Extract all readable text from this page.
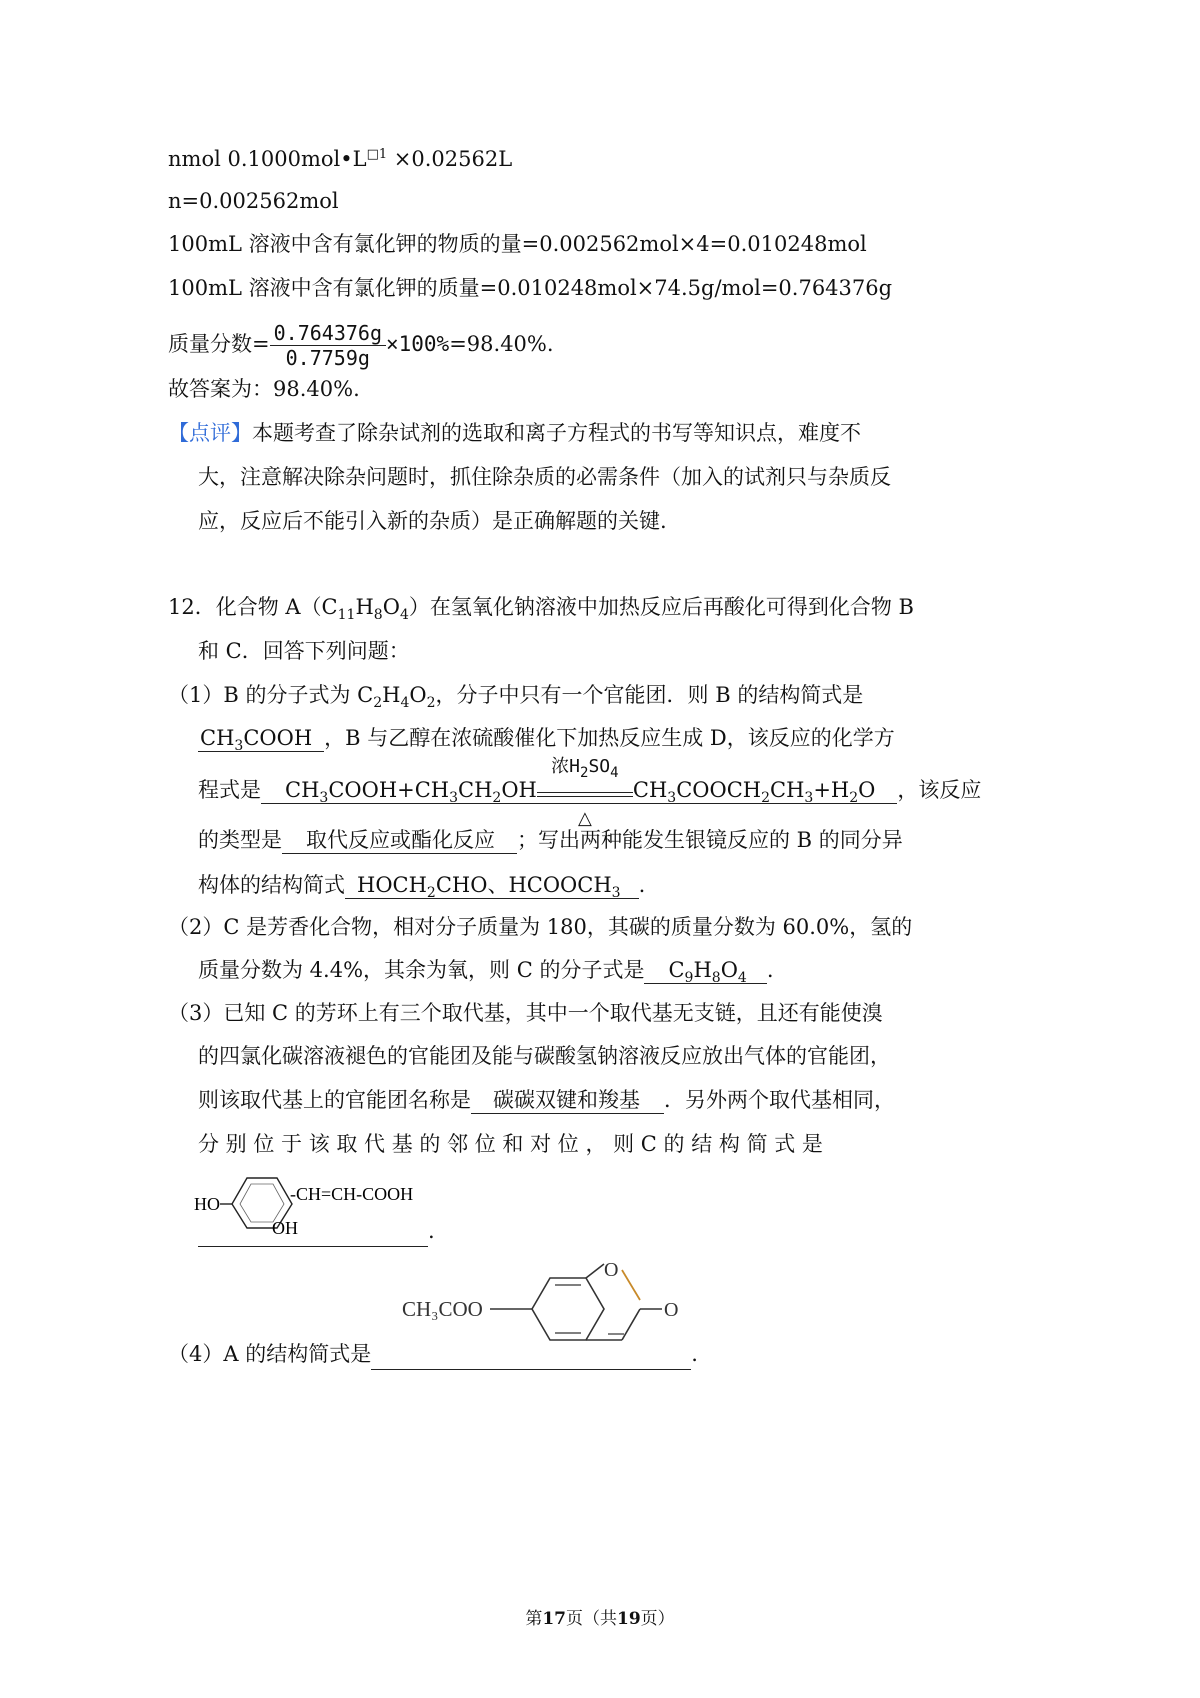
nmol $0.1000mol•L^{□1} \times 0.02562L$
n=0.002562mol
100mL 溶液中含有氯化钾的物质的量=0.002562mol×4=0.010248mol
100mL 溶液中含有氯化钾的质量=0.010248mol×74.5g/mol=0.764376g
质量分数= $\frac{0.764376g}{0.7759g} \times 100\%=98.40\%$.
故答案为：98.40%.
【点评】本题考查了除杂试剂的选取和离子方程式的书写等知识点，难度不
大，注意解决除杂问题时，抓住除杂质的必需条件（加入的试剂只与杂质反
应，反应后不能引入新的杂质）是正确解题的关键.
12．化合物 $A(C_{11}H_8O_4)$在氢氧化钠溶液中加热反应后再酸化可得到化合物 B
和 C．回答下列问题：
（1）B 的分子式为 $C_2H_4O_2$，分子中只有一个官能团．则 B 的结构简式是
$CH_3COOH$ ，B 与乙醇在浓硫酸催化下加热反应生成 D，该反应的化学方
程式是 $CH_3COOH+CH_3CH_2OH$
浓$H_2SO_4$
△
$CH_3COOCH_2CH_3+H_2O$ ，该反应
的类型是 取代反应或酯化反应 ；写出两种能发生银镜反应的 B 的同分异
构体的结构简式 $HOCH_2CHO$、$HCOOCH_3$ .
（2）C 是芳香化合物，相对分子质量为 180，其碳的质量分数为 60.0%，氢的
质量分数为 4.4%，其余为氧，则 C 的分子式是 $C_9H_8O_4$ .
（3）已知 C 的芳环上有三个取代基，其中一个取代基无支链，且还有能使溴
的四氯化碳溶液褪色的官能团及能与碳酸氢钠溶液反应放出气体的官能团，
则该取代基上的官能团名称是 碳碳双键和羧基 ．另外两个取代基相同，
分 别 位 于 该 取 代 基 的 邻 位 和 对 位 ， 则 C 的 结 构 简 式 是
HO	-CH=CH-COOH
OH	.
CH₃COO
O
O
（4）A 的结构简式是	.
第17页（共19页）
